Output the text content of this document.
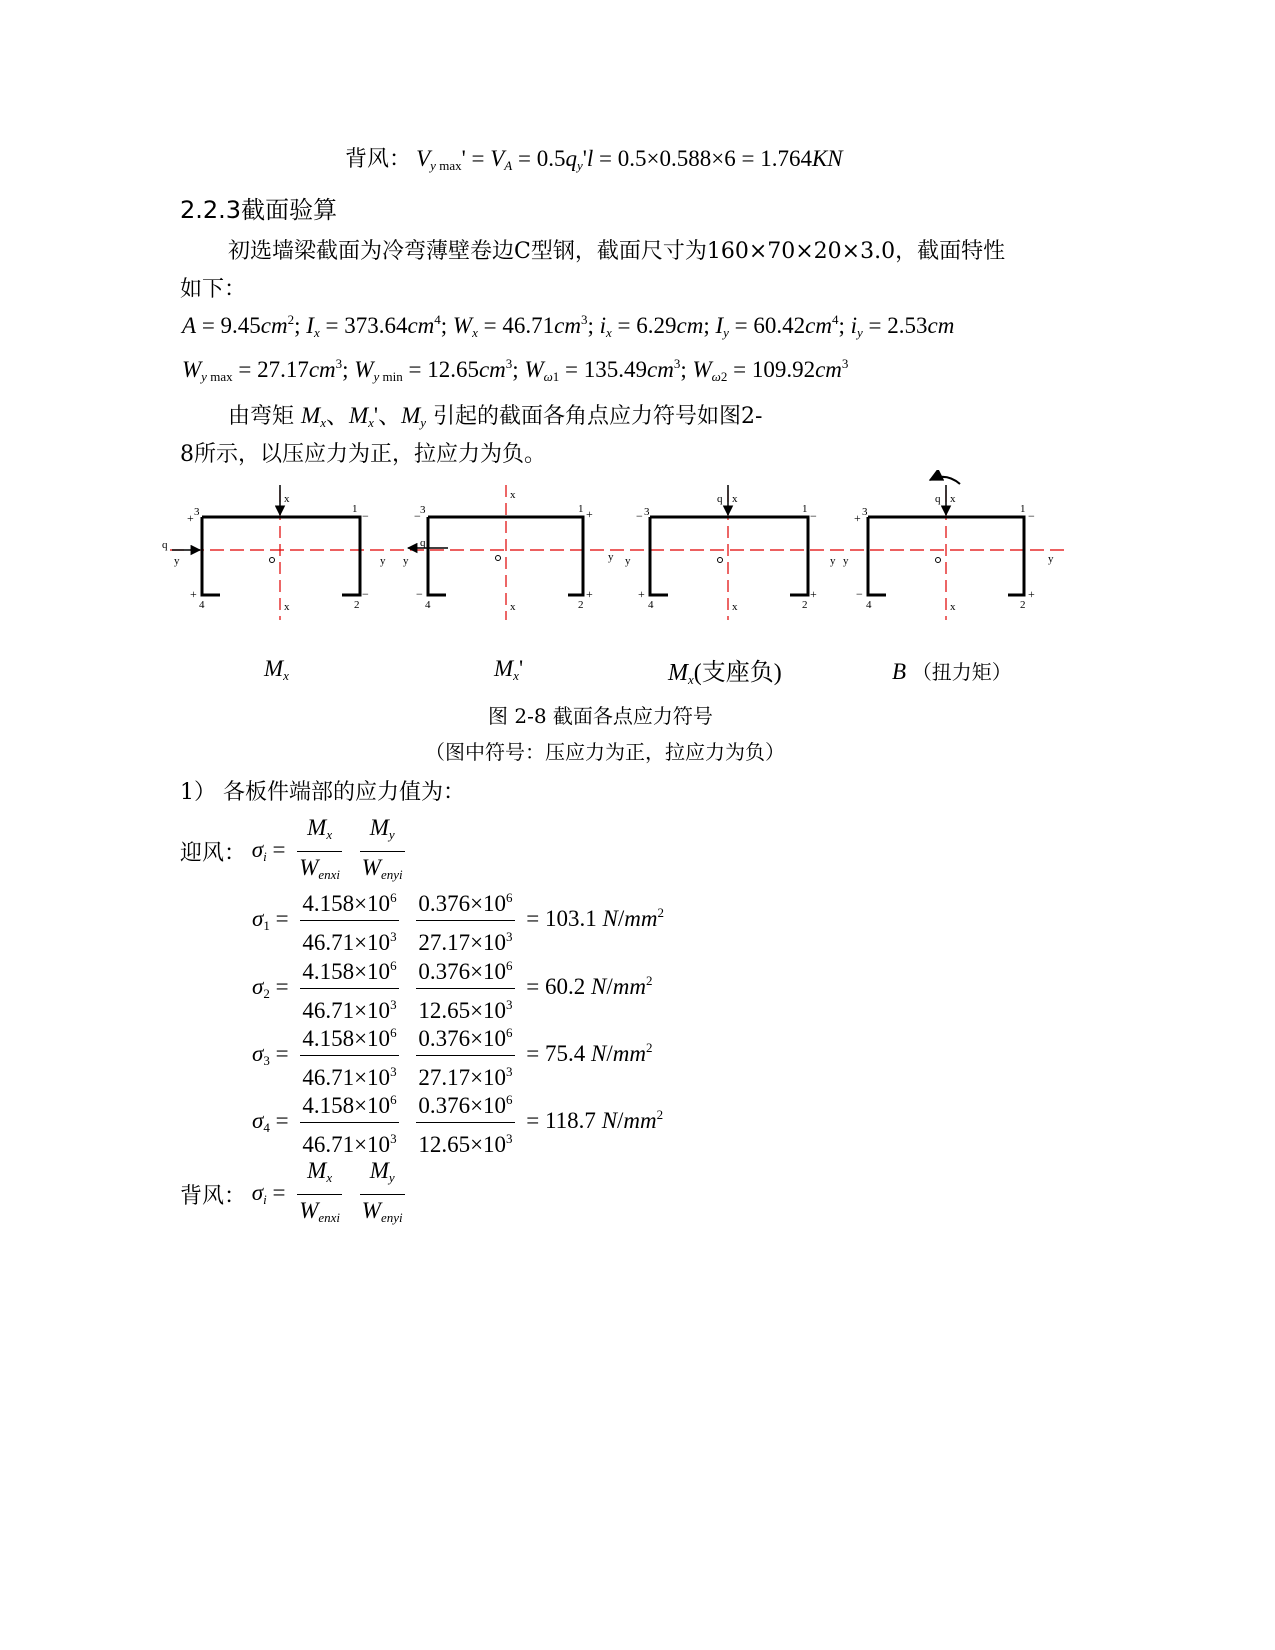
背风： $V_{y max}' = V_A = 0.5q_y'l = 0.5\times 0.588\times 6 = 1.764KN$
2.2.3截面验算
初选墙梁截面为冷弯薄壁卷边C型钢，截面尺寸为160×70×20×3.0，截面特性
如下：
$A = 9.45cm^2$; $I_x = 373.64cm^4$; $W_x = 46.71cm^3$; $i_x = 6.29cm$; $I_y = 60.42cm^4$; $i_y = 2.53cm$
$W_{y max} = 27.17cm^3$; $W_{y min} = 12.65cm^3$; $W_{\omega 1} = 135.49cm^3$; $W_{\omega 2} = 109.92cm^3$
由弯矩 $M_x$、$M_x'$、$M_y$ 引起的截面各角点应力符号如图2-
8所示，以压应力为正，拉应力为负。
q
y
x
x
+ 3	1 −
+
4	2
−
q
y y
x
x
− 3	1 +
−
4	2
+
q x
y y
x
− 3	1 −
+
4	2
+
q x
y y	y
x
+ 3	1 −
−
4	2
+
$M_x$	$M_x'$	$M_x$(支座负)	B （扭力矩）
图 2-8 截面各点应力符号
（图中符号：压应力为正，拉应力为负）
1） 各板件端部的应力值为：
迎风： $\sigma_i = \frac{M_x}{W_{enxi}}$
$\frac{M_y}{W_{enyi}}$
$\sigma_1 = \frac{4.158\times 10^6}{46.71\times 10^3}$
$\frac{0.376\times 10^6}{27.17\times 10^3} = 103.1$ $N/mm^2$
$\sigma_2 = \frac{4.158\times 10^6}{46.71\times 10^3}$
$\frac{0.376\times 10^6}{12.65\times 10^3} = 60.2$ $N/mm^2$
$\sigma_3 = \frac{4.158\times 10^6}{46.71\times 10^3}$
$\frac{0.376\times 10^6}{27.17\times 10^3} = 75.4$ $N/mm^2$
$\sigma_4 = \frac{4.158\times 10^6}{46.71\times 10^3}$
$\frac{0.376\times 10^6}{12.65\times 10^3} = 118.7$ $N/mm^2$
背风： $\sigma_i = \frac{M_x}{W_{enxi}}$
$\frac{M_y}{W_{enyi}}$
